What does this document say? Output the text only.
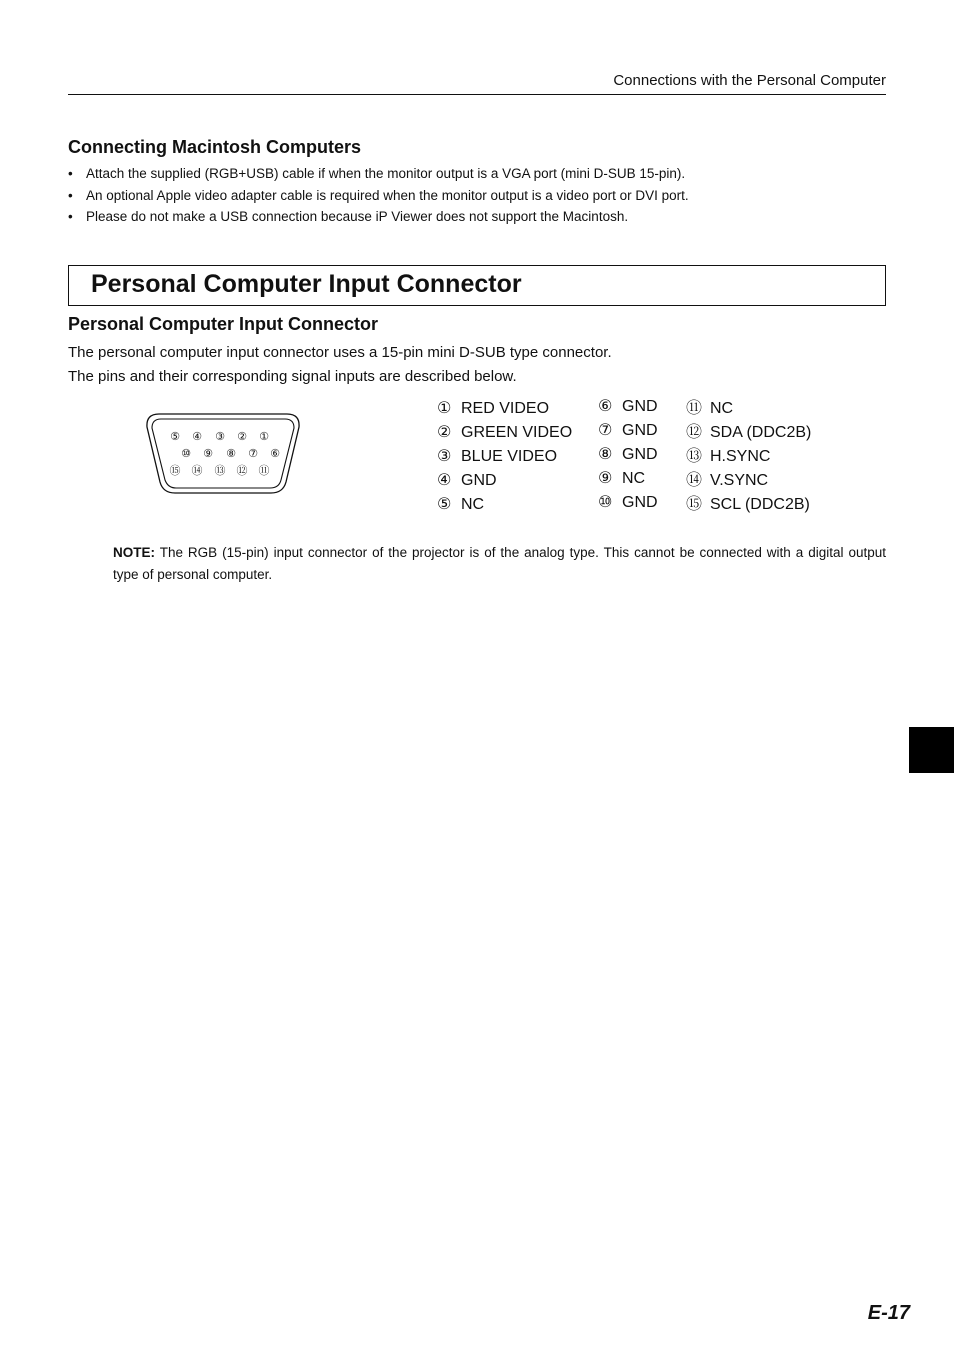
Connections with the Personal Computer
Connecting Macintosh Computers
• Attach the supplied (RGB+USB) cable if when the monitor output is a VGA port (mini D-SUB 15-pin).
• An optional Apple video adapter cable is required when the monitor output is a video port or DVI port.
• Please do not make a USB connection because iP Viewer does not support the Macintosh.
Personal Computer Input Connector
Personal Computer Input Connector
The personal computer input connector uses a 15-pin mini D-SUB type connector.
The pins and their corresponding signal inputs are described below.
⑤ ④ ③ ② ①
⑩ ⑨ ⑧ ⑦ ⑥
⑮ ⑭ ⑬ ⑫ ⑪
① RED VIDEO
② GREEN VIDEO
③ BLUE VIDEO
④ GND
⑤ NC
⑥ GND
⑦ GND
⑧ GND
⑨ NC
⑩ GND
⑪ NC
⑫ SDA (DDC2B)
⑬ H.SYNC
⑭ V.SYNC
⑮ SCL (DDC2B)
NOTE: The RGB (15-pin) input connector of the projector is of the analog type. This cannot be connected with a digital output type of personal computer.
E-17
